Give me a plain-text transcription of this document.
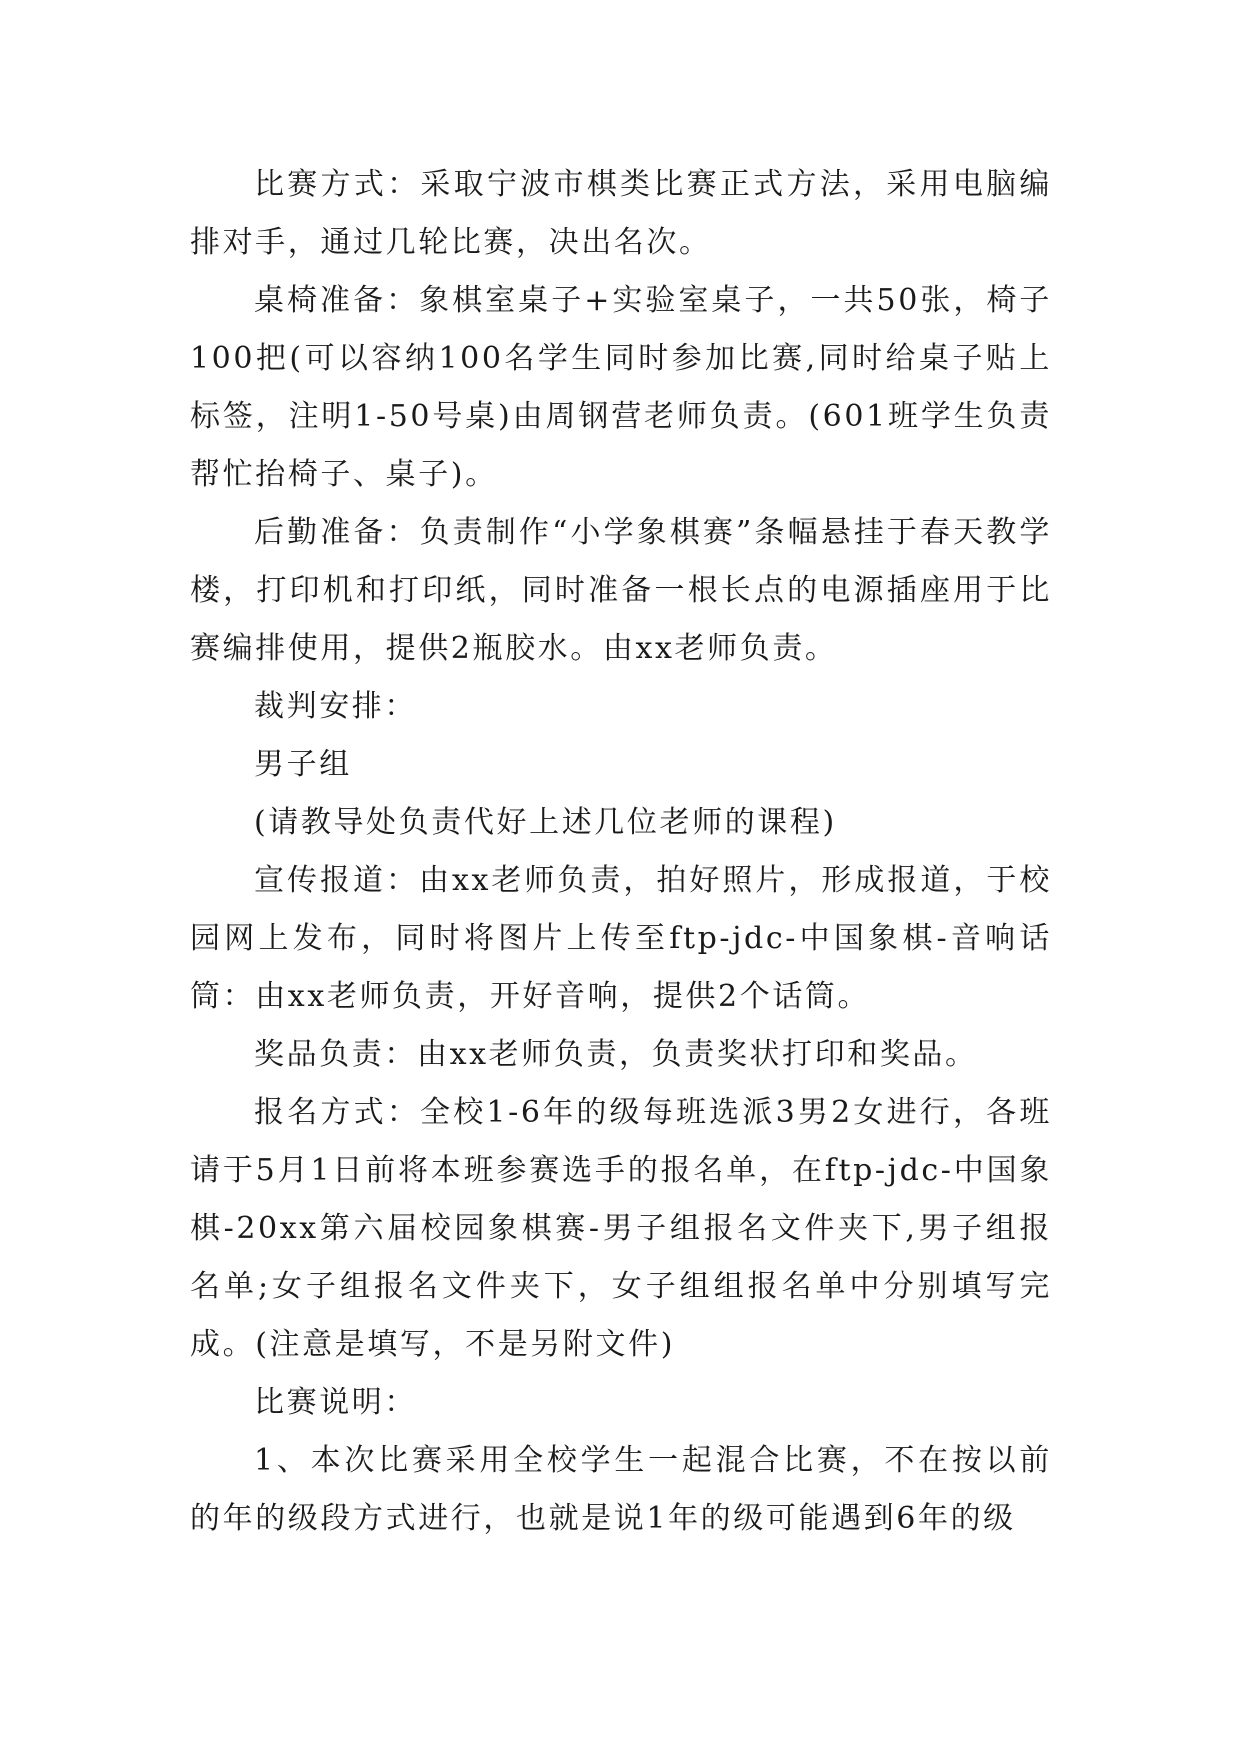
比赛方式：采取宁波市棋类比赛正式方法，采用电脑编排对手，通过几轮比赛，决出名次。

桌椅准备：象棋室桌子+实验室桌子，一共50张，椅子100把(可以容纳100名学生同时参加比赛,同时给桌子贴上标签，注明1-50号桌)由周钢营老师负责。(601班学生负责帮忙抬椅子、桌子)。

后勤准备：负责制作“小学象棋赛”条幅悬挂于春天教学楼，打印机和打印纸，同时准备一根长点的电源插座用于比赛编排使用，提供2瓶胶水。由xx老师负责。

裁判安排：

男子组

(请教导处负责代好上述几位老师的课程)

宣传报道：由xx老师负责，拍好照片，形成报道，于校园网上发布，同时将图片上传至ftp-jdc-中国象棋-音响话筒：由xx老师负责，开好音响，提供2个话筒。

奖品负责：由xx老师负责，负责奖状打印和奖品。

报名方式：全校1-6年的级每班选派3男2女进行，各班请于5月1日前将本班参赛选手的报名单，在ftp-jdc-中国象棋-20xx第六届校园象棋赛-男子组报名文件夹下,男子组报名单;女子组报名文件夹下，女子组组报名单中分别填写完成。(注意是填写，不是另附文件)

比赛说明：

1、本次比赛采用全校学生一起混合比赛，不在按以前的年的级段方式进行，也就是说1年的级可能遇到6年的级
